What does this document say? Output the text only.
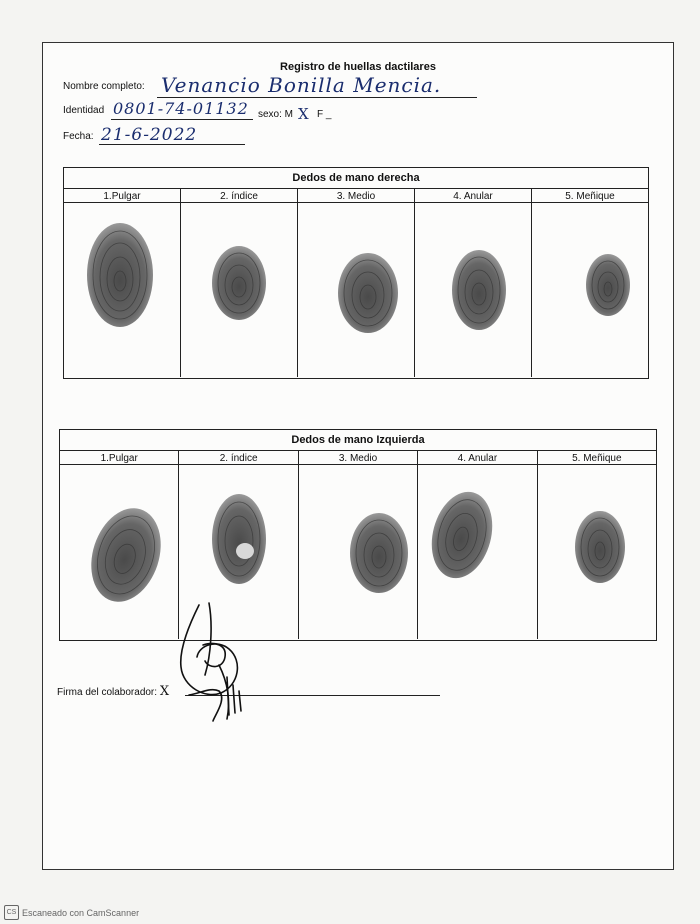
Registro de huellas dactilares
Nombre completo: Venancio Bonilla Mencia.
Identidad 0801-74-01132 sexo: M X F _
Fecha: 21-6-2022
Dedos de mano derecha
1.Pulgar	2. índice	3. Medio	4. Anular	5. Meñique
Dedos de mano Izquierda
1.Pulgar	2. índice	3. Medio	4. Anular	5. Meñique
Firma del colaborador: X
CS Escaneado con CamScanner
